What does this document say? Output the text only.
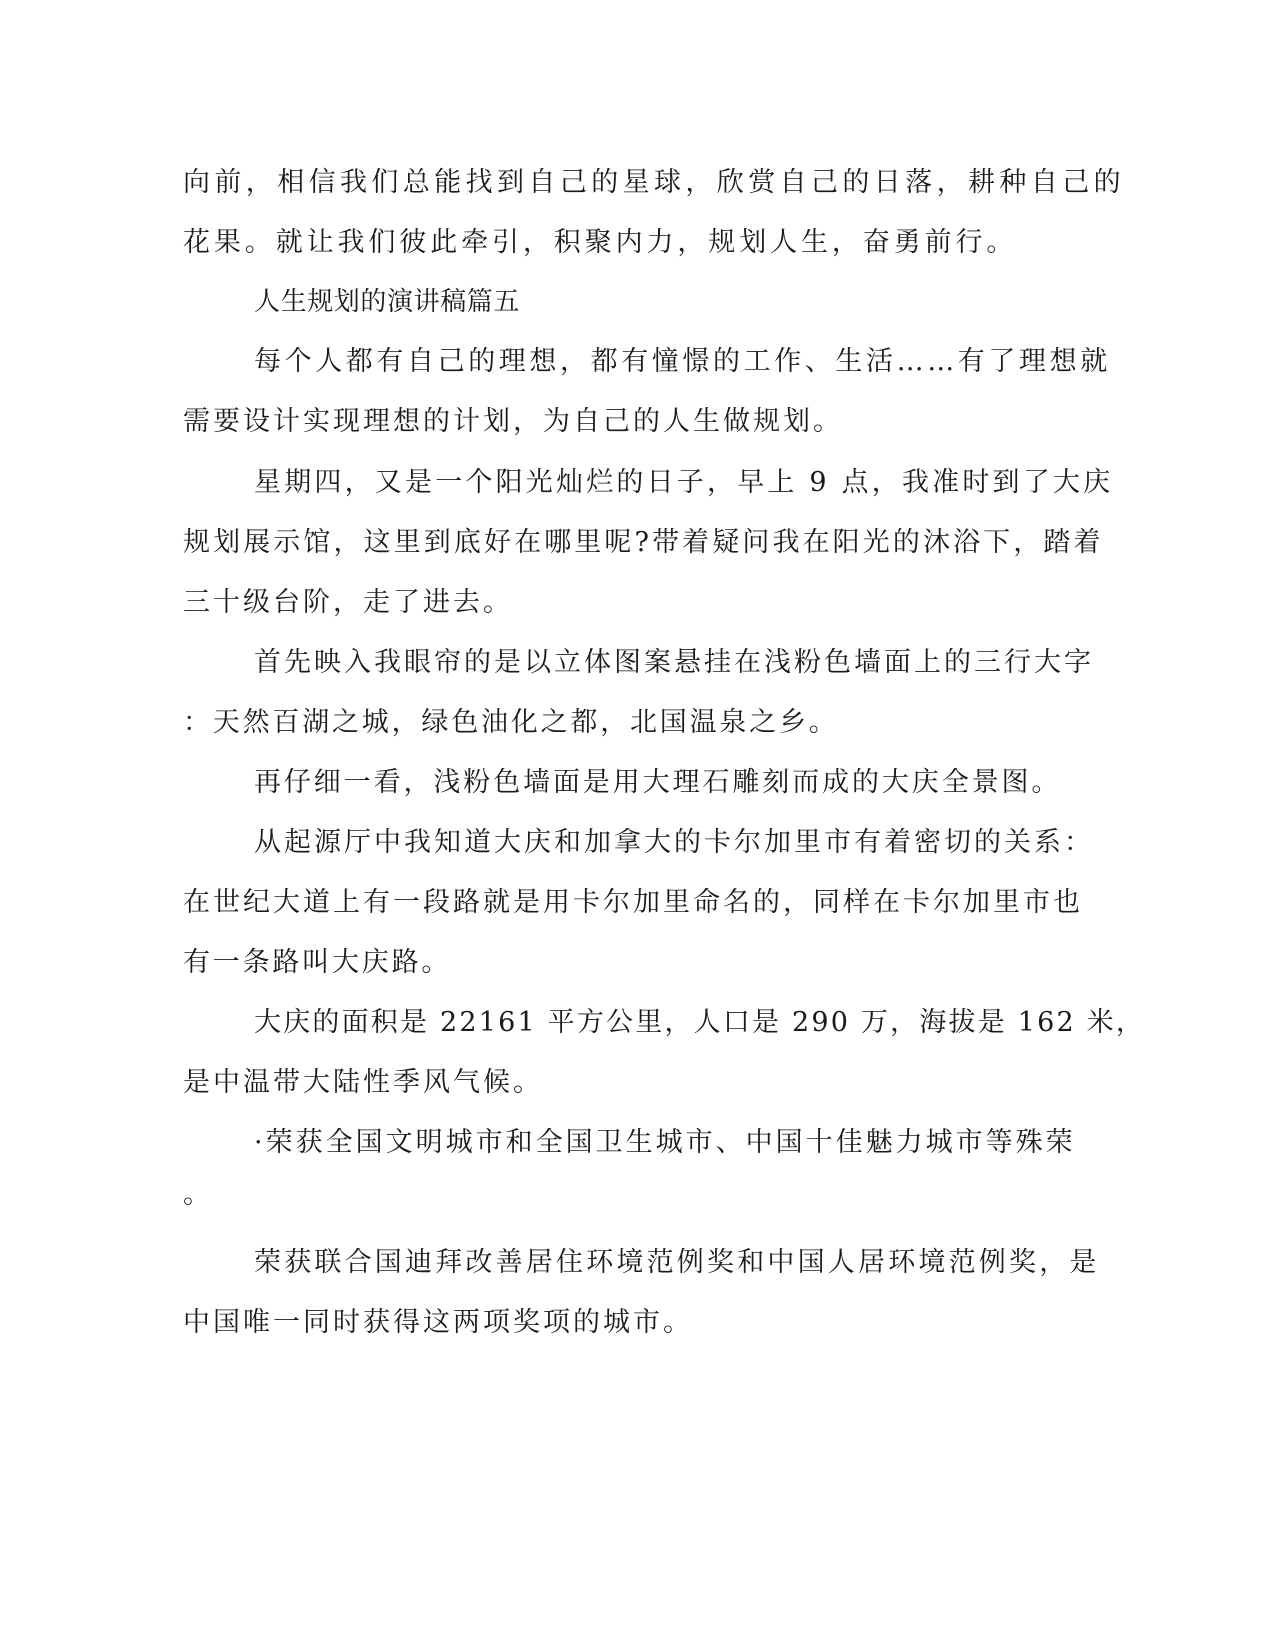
向前，相信我们总能找到自己的星球，欣赏自己的日落，耕种自己的
花果。就让我们彼此牵引，积聚内力，规划人生，奋勇前行。
人生规划的演讲稿篇五
每个人都有自己的理想，都有憧憬的工作、生活……有了理想就
需要设计实现理想的计划，为自己的人生做规划。
星期四，又是一个阳光灿烂的日子，早上 9 点，我准时到了大庆
规划展示馆，这里到底好在哪里呢?带着疑问我在阳光的沐浴下，踏着
三十级台阶，走了进去。
首先映入我眼帘的是以立体图案悬挂在浅粉色墙面上的三行大字
：天然百湖之城，绿色油化之都，北国温泉之乡。
再仔细一看，浅粉色墙面是用大理石雕刻而成的大庆全景图。
从起源厅中我知道大庆和加拿大的卡尔加里市有着密切的关系：
在世纪大道上有一段路就是用卡尔加里命名的，同样在卡尔加里市也
有一条路叫大庆路。
大庆的面积是 22161 平方公里，人口是 290 万，海拔是 162 米，
是中温带大陆性季风气候。
·荣获全国文明城市和全国卫生城市、中国十佳魅力城市等殊荣
。
荣获联合国迪拜改善居住环境范例奖和中国人居环境范例奖，是
中国唯一同时获得这两项奖项的城市。
